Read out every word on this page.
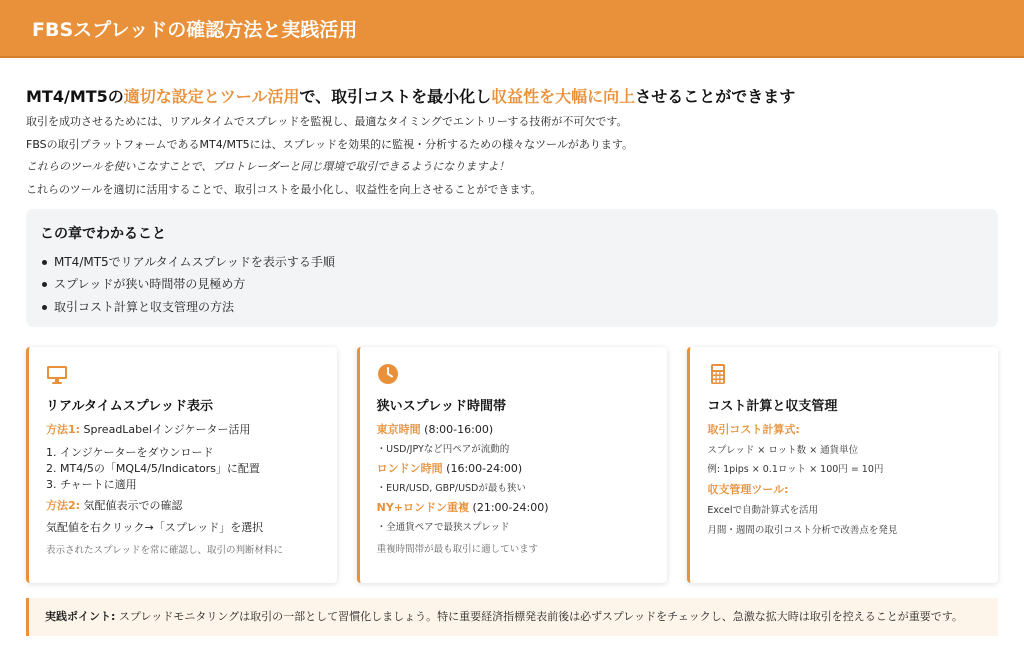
FBSスプレッドの確認方法と実践活用
MT4/MT5の適切な設定とツール活用で、取引コストを最小化し収益性を大幅に向上させることができます

取引を成功させるためには、リアルタイムでスプレッドを監視し、最適なタイミングでエントリーする技術が不可欠です。

FBSの取引プラットフォームであるMT4/MT5には、スプレッドを効果的に監視・分析するための様々なツールがあります。

これらのツールを使いこなすことで、プロトレーダーと同じ環境で取引できるようになりますよ！

これらのツールを適切に活用することで、取引コストを最小化し、収益性を向上させることができます。

この章でわかること
MT4/MT5でリアルタイムスプレッドを表示する手順
スプレッドが狭い時間帯の見極め方
取引コスト計算と収支管理の方法
リアルタイムスプレッド表示
方法1: SpreadLabelインジケーター活用
1. インジケーターをダウンロード
2. MT4/5の「MQL4/5/Indicators」に配置
3. チャートに適用
方法2: 気配値表示での確認
気配値を右クリック→「スプレッド」を選択
表示されたスプレッドを常に確認し、取引の判断材料に
狭いスプレッド時間帯
東京時間 (8:00-16:00)
・USD/JPYなど円ペアが流動的
ロンドン時間 (16:00-24:00)
・EUR/USD, GBP/USDが最も狭い
NY+ロンドン重複 (21:00-24:00)
・全通貨ペアで最狭スプレッド
重複時間帯が最も取引に適しています
コスト計算と収支管理
取引コスト計算式:
スプレッド × ロット数 × 通貨単位
例: 1pips × 0.1ロット × 100円 = 10円
収支管理ツール:
Excelで自動計算式を活用
月間・週間の取引コスト分析で改善点を発見
実践ポイント: スプレッドモニタリングは取引の一部として習慣化しましょう。特に重要経済指標発表前後は必ずスプレッドをチェックし、急激な拡大時は取引を控えることが重要です。
